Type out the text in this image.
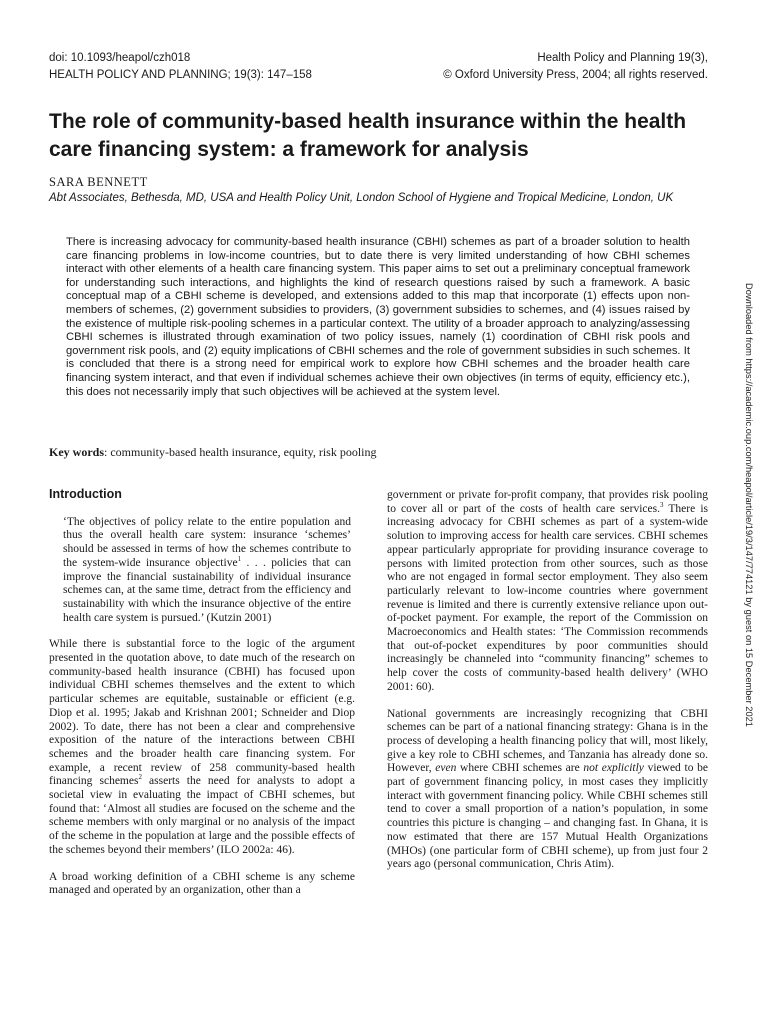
doi: 10.1093/heapol/czh018
HEALTH POLICY AND PLANNING; 19(3): 147–158
Health Policy and Planning 19(3),
© Oxford University Press, 2004; all rights reserved.
The role of community-based health insurance within the health care financing system: a framework for analysis
SARA BENNETT
Abt Associates, Bethesda, MD, USA and Health Policy Unit, London School of Hygiene and Tropical Medicine, London, UK

There is increasing advocacy for community-based health insurance (CBHI) schemes as part of a broader solution to health care financing problems in low-income countries, but to date there is very limited understanding of how CBHI schemes interact with other elements of a health care financing system. This paper aims to set out a preliminary conceptual framework for understanding such interactions, and highlights the kind of research questions raised by such a framework. A basic conceptual map of a CBHI scheme is developed, and extensions added to this map that incorporate (1) effects upon non-members of schemes, (2) government subsidies to providers, (3) government subsidies to schemes, and (4) issues raised by the existence of multiple risk-pooling schemes in a particular context. The utility of a broader approach to analyzing/assessing CBHI schemes is illustrated through examination of two policy issues, namely (1) coordination of CBHI risk pools and government risk pools, and (2) equity implications of CBHI schemes and the role of government subsidies in such schemes. It is concluded that there is a strong need for empirical work to explore how CBHI schemes and the broader health care financing system interact, and that even if individual schemes achieve their own objectives (in terms of equity, efficiency etc.), this does not necessarily imply that such objectives will be achieved at the system level.

Key words: community-based health insurance, equity, risk pooling
Introduction
‘The objectives of policy relate to the entire population and thus the overall health care system: insurance ‘schemes’ should be assessed in terms of how the schemes contribute to the system-wide insurance objective$^1$ . . . policies that can improve the financial sustainability of individual insurance schemes can, at the same time, detract from the efficiency and sustainability with which the insurance objective of the entire health care system is pursued.’ (Kutzin 2001)

While there is substantial force to the logic of the argument presented in the quotation above, to date much of the research on community-based health insurance (CBHI) has focused upon individual CBHI schemes themselves and the extent to which particular schemes are equitable, sustainable or efficient (e.g. Diop et al. 1995; Jakab and Krishnan 2001; Schneider and Diop 2002). To date, there has not been a clear and comprehensive exposition of the nature of the interactions between CBHI schemes and the broader health care financing system. For example, a recent review of 258 community-based health financing schemes$^2$ asserts the need for analysts to adopt a societal view in evaluating the impact of CBHI schemes, but found that: ‘Almost all studies are focused on the scheme and the scheme members with only marginal or no analysis of the impact of the scheme in the population at large and the possible effects of the schemes beyond their members’ (ILO 2002a: 46).

A broad working definition of a CBHI scheme is any scheme managed and operated by an organization, other than a

government or private for-profit company, that provides risk pooling to cover all or part of the costs of health care services.$^3$ There is increasing advocacy for CBHI schemes as part of a system-wide solution to improving access for health care services. CBHI schemes appear particularly appropriate for providing insurance coverage to persons with limited protection from other sources, such as those who are not engaged in formal sector employment. They also seem particularly relevant to low-income countries where government revenue is limited and there is currently extensive reliance upon out-of-pocket payment. For example, the report of the Commission on Macroeconomics and Health states: ‘The Commission recommends that out-of-pocket expenditures by poor communities should increasingly be channeled into “community financing” schemes to help cover the costs of community-based health delivery’ (WHO 2001: 60).

National governments are increasingly recognizing that CBHI schemes can be part of a national financing strategy: Ghana is in the process of developing a health financing policy that will, most likely, give a key role to CBHI schemes, and Tanzania has already done so. However, even where CBHI schemes are not explicitly viewed to be part of government financing policy, in most cases they implicitly interact with government financing policy. While CBHI schemes still tend to cover a small proportion of a nation’s population, in some countries this picture is changing – and changing fast. In Ghana, it is now estimated that there are 157 Mutual Health Organizations (MHOs) (one particular form of CBHI scheme), up from just four 2 years ago (personal communication, Chris Atim).

Downloaded from https://academic.oup.com/heapol/article/19/3/147/774121 by guest on 15 December 2021
